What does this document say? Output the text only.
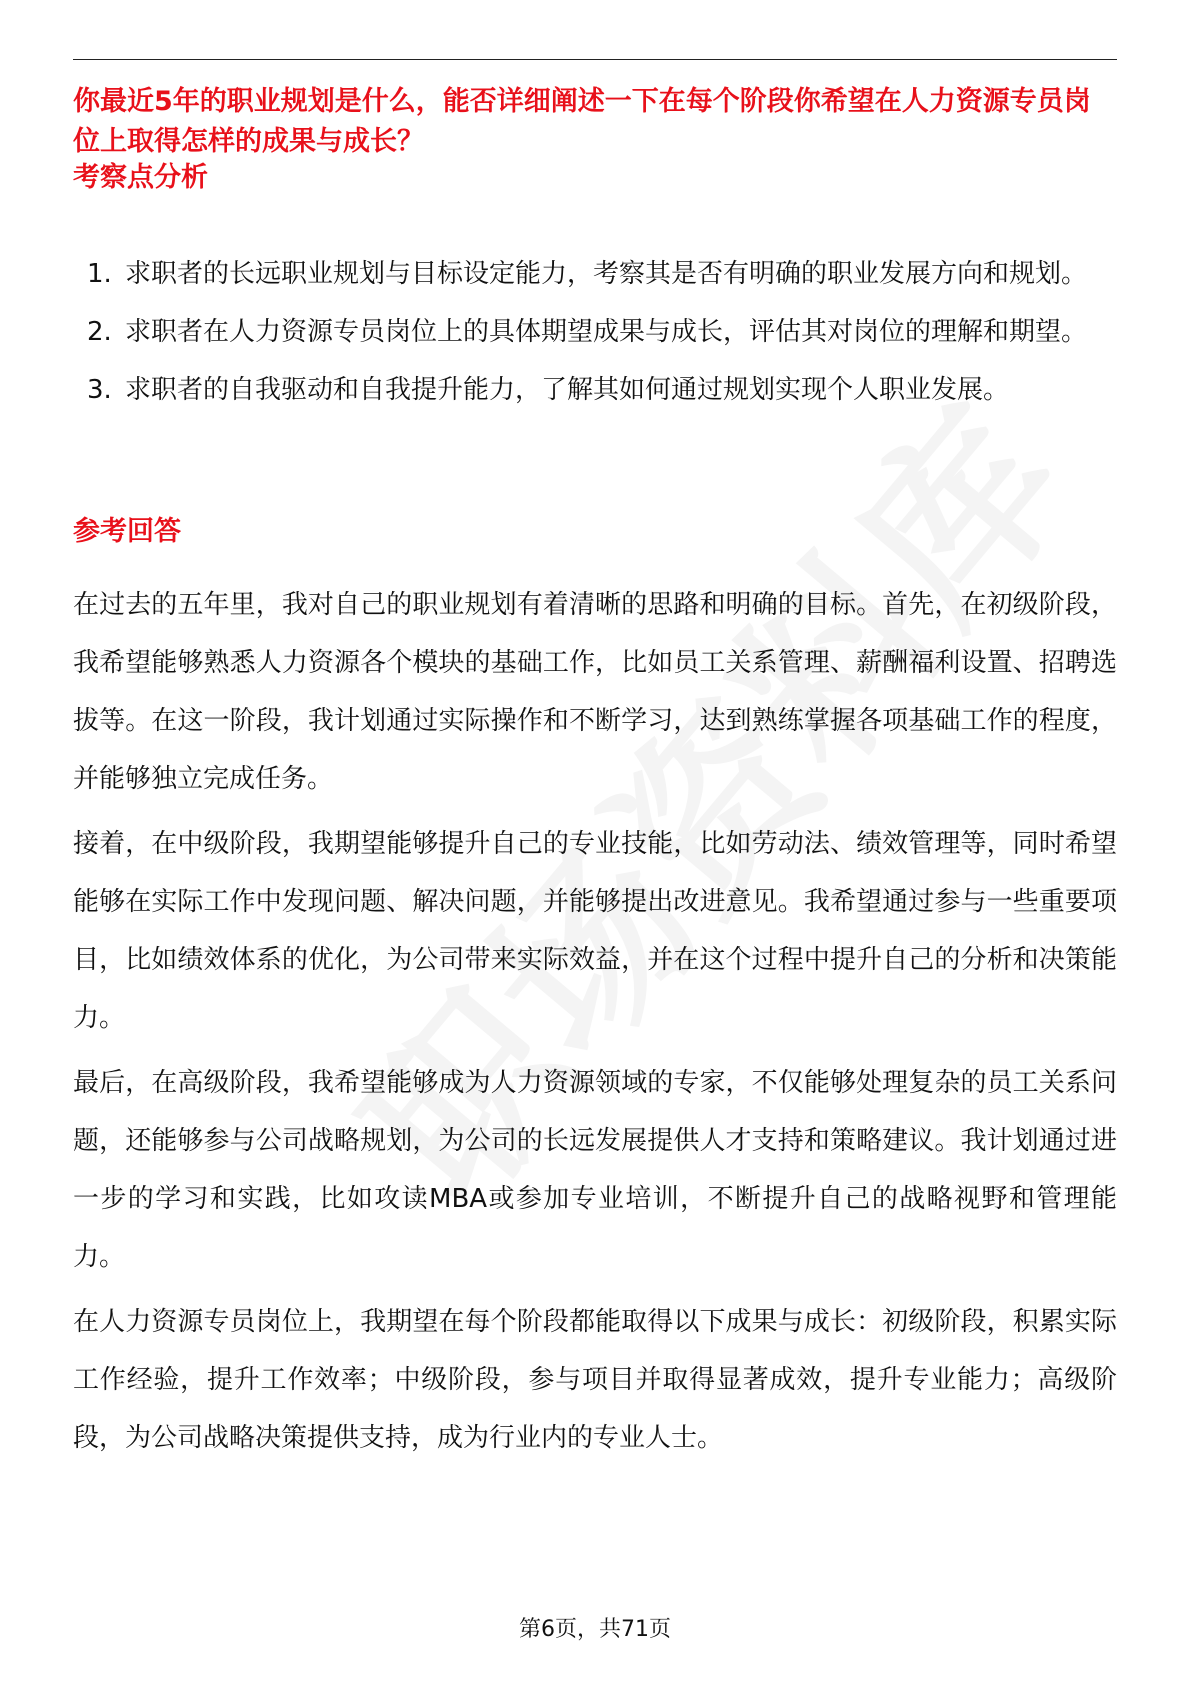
你最近5年的职业规划是什么，能否详细阐述一下在每个阶段你希望在人力资源专员岗位上取得怎样的成果与成长？
考察点分析
1. 求职者的长远职业规划与目标设定能力，考察其是否有明确的职业发展方向和规划。
2. 求职者在人力资源专员岗位上的具体期望成果与成长，评估其对岗位的理解和期望。
3. 求职者的自我驱动和自我提升能力，了解其如何通过规划实现个人职业发展。
参考回答

在过去的五年里，我对自己的职业规划有着清晰的思路和明确的目标。首先，在初级阶段，我希望能够熟悉人力资源各个模块的基础工作，比如员工关系管理、薪酬福利设置、招聘选拔等。在这一阶段，我计划通过实际操作和不断学习，达到熟练掌握各项基础工作的程度，并能够独立完成任务。

接着，在中级阶段，我期望能够提升自己的专业技能，比如劳动法、绩效管理等，同时希望能够在实际工作中发现问题、解决问题，并能够提出改进意见。我希望通过参与一些重要项目，比如绩效体系的优化，为公司带来实际效益，并在这个过程中提升自己的分析和决策能力。

最后，在高级阶段，我希望能够成为人力资源领域的专家，不仅能够处理复杂的员工关系问题，还能够参与公司战略规划，为公司的长远发展提供人才支持和策略建议。我计划通过进一步的学习和实践，比如攻读MBA或参加专业培训，不断提升自己的战略视野和管理能力。

在人力资源专员岗位上，我期望在每个阶段都能取得以下成果与成长：初级阶段，积累实际工作经验，提升工作效率；中级阶段，参与项目并取得显著成效，提升专业能力；高级阶段，为公司战略决策提供支持，成为行业内的专业人士。

第6页，共71页
